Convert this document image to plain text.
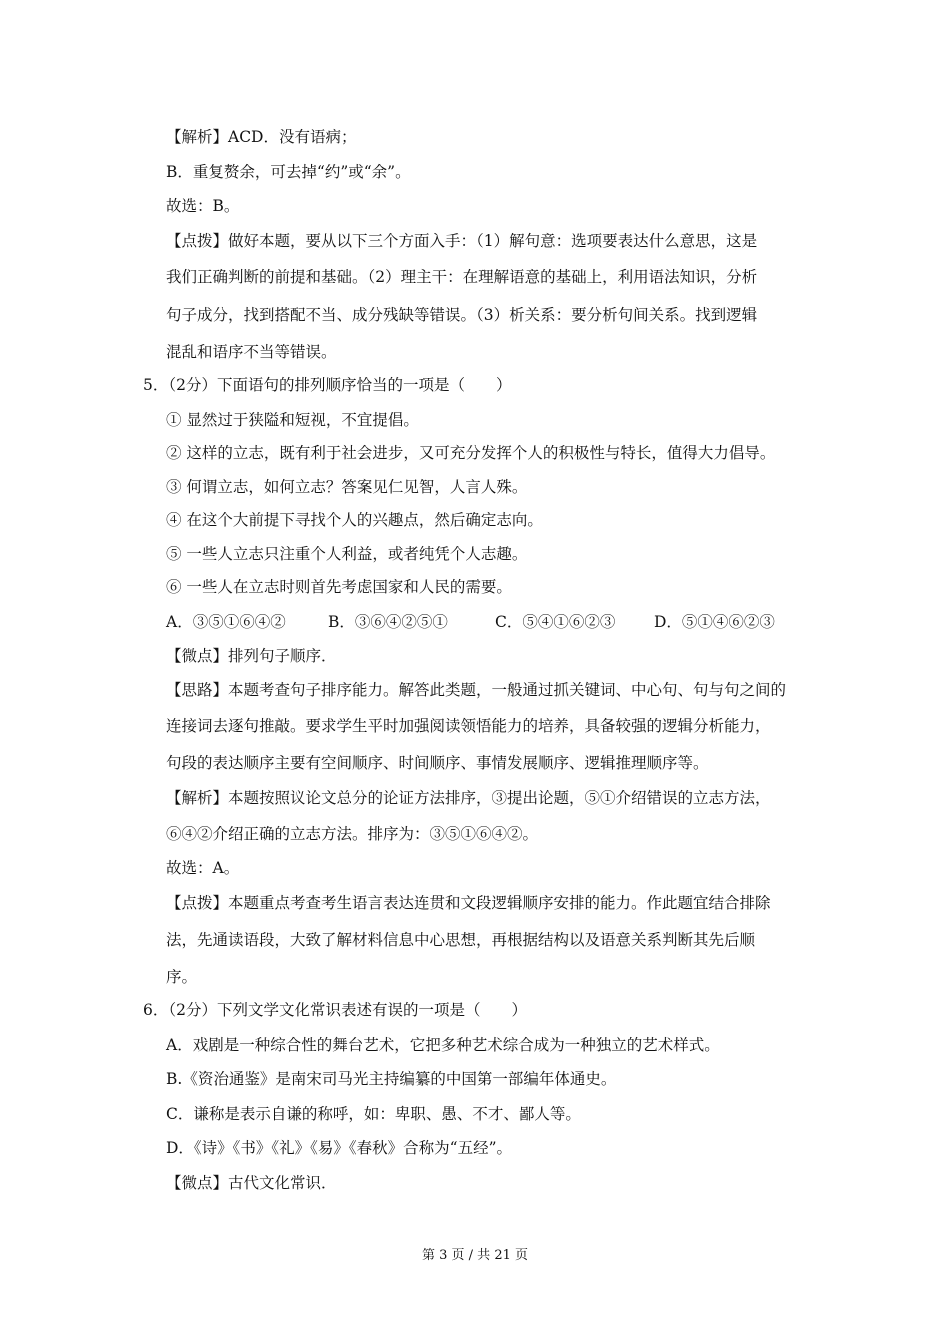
【解析】ACD．没有语病；
B．重复赘余，可去掉“约”或“余”。
故选：B。
【点拨】做好本题，要从以下三个方面入手：（1）解句意：选项要表达什么意思，这是
我们正确判断的前提和基础。（2）理主干：在理解语意的基础上，利用语法知识，分析
句子成分，找到搭配不当、成分残缺等错误。（3）析关系：要分析句间关系。找到逻辑
混乱和语序不当等错误。
5．（2分）下面语句的排列顺序恰当的一项是（　　）
① 显然过于狭隘和短视，不宜提倡。
② 这样的立志，既有利于社会进步，又可充分发挥个人的积极性与特长，值得大力倡导。
③ 何谓立志，如何立志？答案见仁见智，人言人殊。
④ 在这个大前提下寻找个人的兴趣点，然后确定志向。
⑤ 一些人立志只注重个人利益，或者纯凭个人志趣。
⑥ 一些人在立志时则首先考虑国家和人民的需要。
A．③⑤①⑥④②	B．③⑥④②⑤①	C．⑤④①⑥②③ D．⑤①④⑥②③
【微点】排列句子顺序．
【思路】本题考查句子排序能力。解答此类题，一般通过抓关键词、中心句、句与句之间的
连接词去逐句推敲。要求学生平时加强阅读领悟能力的培养，具备较强的逻辑分析能力，
句段的表达顺序主要有空间顺序、时间顺序、事情发展顺序、逻辑推理顺序等。
【解析】本题按照议论文总分的论证方法排序，③提出论题，⑤①介绍错误的立志方法，
⑥④②介绍正确的立志方法。排序为：③⑤①⑥④②。
故选：A。
【点拨】本题重点考查考生语言表达连贯和文段逻辑顺序安排的能力。作此题宜结合排除
法，先通读语段，大致了解材料信息中心思想，再根据结构以及语意关系判断其先后顺
序。
6．（2分）下列文学文化常识表述有误的一项是（　　）
A．戏剧是一种综合性的舞台艺术，它把多种艺术综合成为一种独立的艺术样式。
B.《资治通鉴》是南宋司马光主持编纂的中国第一部编年体通史。
C．谦称是表示自谦的称呼，如：卑职、愚、不才、鄙人等。
D．《诗》《书》《礼》《易》《春秋》合称为“五经”。
【微点】古代文化常识．
第 3 页 / 共 21 页
